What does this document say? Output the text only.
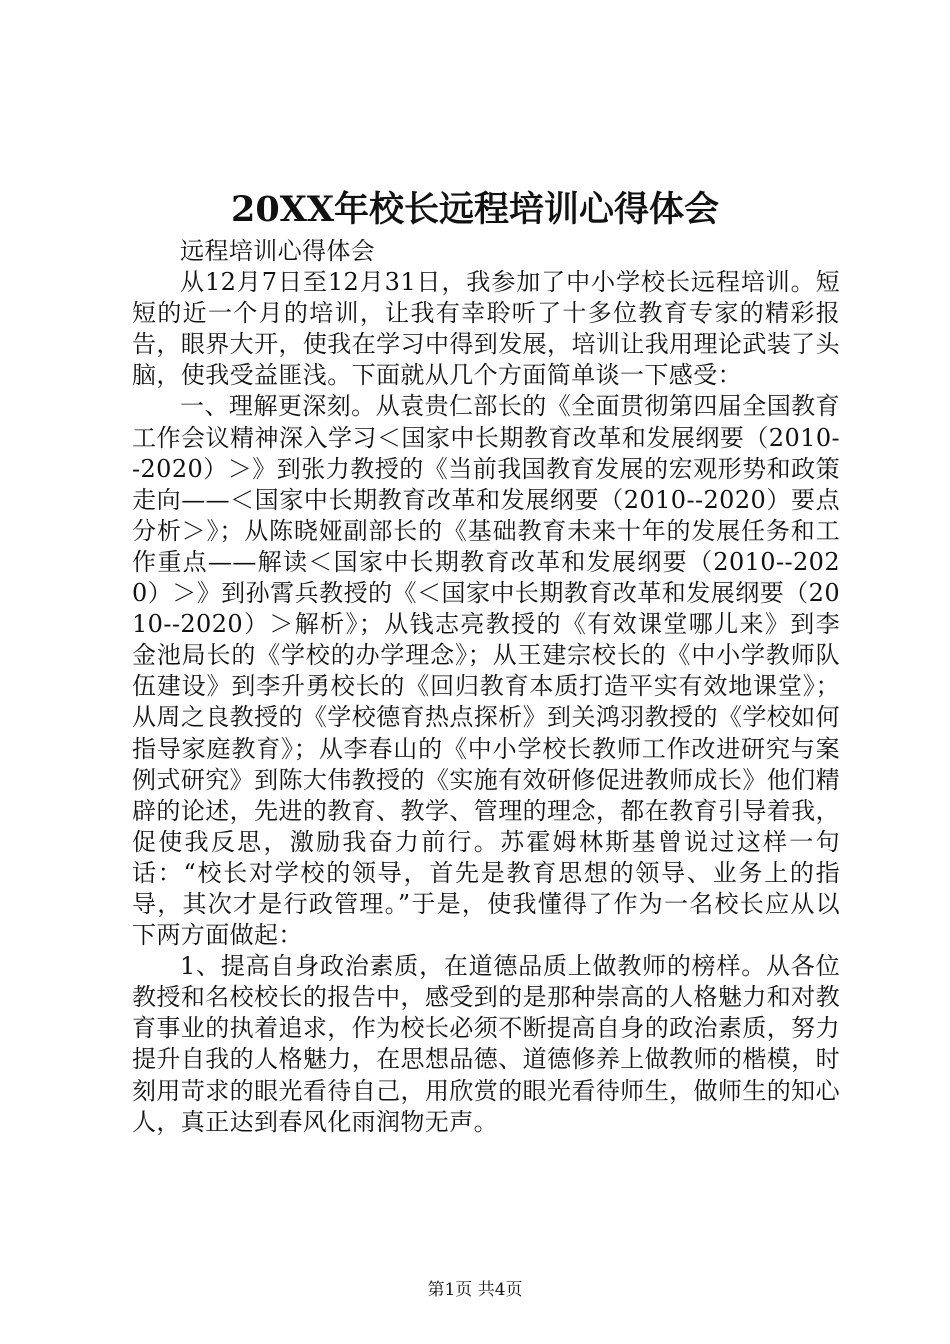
20XX年校长远程培训心得体会

远程培训心得体会

从12月7日至12月31日，我参加了中小学校长远程培训。短短的近一个月的培训，让我有幸聆听了十多位教育专家的精彩报告，眼界大开，使我在学习中得到发展，培训让我用理论武装了头脑，使我受益匪浅。下面就从几个方面简单谈一下感受：

一、理解更深刻。从袁贵仁部长的《全面贯彻第四届全国教育工作会议精神深入学习＜国家中长期教育改革和发展纲要（2010--2020）＞》到张力教授的《当前我国教育发展的宏观形势和政策走向——＜国家中长期教育改革和发展纲要（2010--2020）要点分析＞》；从陈晓娅副部长的《基础教育未来十年的发展任务和工作重点——解读＜国家中长期教育改革和发展纲要（2010--2020）＞》到孙霄兵教授的《＜国家中长期教育改革和发展纲要（2010--2020）＞解析》；从钱志亮教授的《有效课堂哪儿来》到李金池局长的《学校的办学理念》；从王建宗校长的《中小学教师队伍建设》到李升勇校长的《回归教育本质打造平实有效地课堂》；从周之良教授的《学校德育热点探析》到关鸿羽教授的《学校如何指导家庭教育》；从李春山的《中小学校长教师工作改进研究与案例式研究》到陈大伟教授的《实施有效研修促进教师成长》他们精辟的论述，先进的教育、教学、管理的理念，都在教育引导着我，促使我反思，激励我奋力前行。苏霍姆林斯基曾说过这样一句话：“校长对学校的领导，首先是教育思想的领导、业务上的指导，其次才是行政管理。”于是，使我懂得了作为一名校长应从以下两方面做起：

1、提高自身政治素质，在道德品质上做教师的榜样。从各位教授和名校校长的报告中，感受到的是那种崇高的人格魅力和对教育事业的执着追求，作为校长必须不断提高自身的政治素质，努力提升自我的人格魅力，在思想品德、道德修养上做教师的楷模，时刻用苛求的眼光看待自己，用欣赏的眼光看待师生，做师生的知心人，真正达到春风化雨润物无声。

第1页 共4页
